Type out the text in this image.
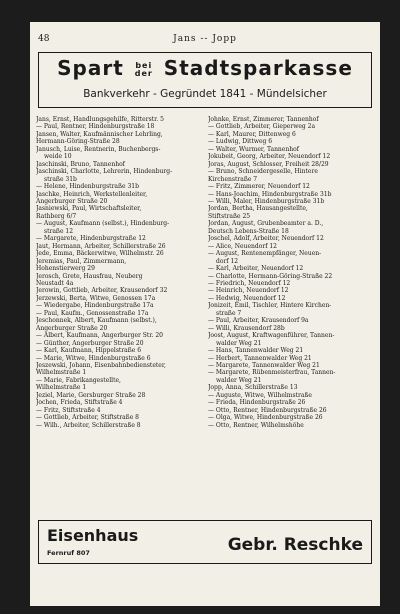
48	Jans -- Jopp
Spart bei
der Stadtsparkasse
Bankverkehr - Gegründet 1841 - Mündelsicher
Jans, Ernst, Handlungsgehilfe, Ritterstr. 5
— Paul, Rentner, Hindenburgstraße 18
Jansen, Walter, Kaufmännischer Lehrling,
Hermann-Göring-Straße 28
Janusch, Luise, Rentnerin, Buchenbergs-
weide 10
Jaschinski, Bruno, Tannenhof
Jaschinski, Charlotte, Lehrerin, Hindenburg-
straße 31b
— Helene, Hindenburgstraße 31b
Jaschke, Heinrich, Werkstellenleiter,
Angerburger Straße 20
Jasniewski, Paul, Wirtschaftsleiter,
Rathberg 6/7
— August, Kaufmann (selbst.), Hindenburg-
straße 12
— Margarete, Hindenburgstraße 12
Jaut, Hermann, Arbeiter, Schillerstraße 26
Jede, Emma, Bäckerwitwe, Wilhelmstr. 26
Jeremias, Paul, Zimmermann,
Hohenstierwerg 29
Jerosch, Grete, Hausfrau, Neuberg
Neustadt 4a
Jerowin, Gottlieb, Arbeiter, Krausendorf 32
Jerzewski, Berta, Witwe, Genossen 17a
— Wiedergabe, Hindenburgstraße 17a
— Paul, Kaufm., Genossenstraße 17a
Jeschonnek, Albert, Kaufmann (selbst.),
Angerburger Straße 20
— Albert, Kaufmann, Angerburger Str. 20
— Günther, Angerburger Straße 20
— Karl, Kaufmann, Hippelstraße 6
— Marie, Witwe, Hindenburgstraße 6
Jeszewski, Johann, Eisenbahnbediensteter,
Wilhelmstraße 1
— Marie, Fabrikangestellte,
Wilhelmstraße 1
Jeziel, Marie, Gersburger Straße 28
Jochen, Frieda, Stiftstraße 4
— Fritz, Stiftstraße 4
— Gottlieb, Arbeiter, Stiftstraße 8
— Wilh., Arbeiter, Schillerstraße 8
Johnke, Ernst, Zimmerer, Tannenhof
— Gottlieb, Arbeiter, Gieperweg 2a
— Karl, Maurer, Dittenweg 6
— Ludwig, Dittweg 6
— Walter, Wurmer, Tannenhof
Jokubeit, Georg, Arbeiter, Neuendorf 12
Joras, August, Schlosser, Freiheit 28/29
— Bruno, Schneidergeselle, Hintere
Kirchenstraße 7
— Fritz, Zimmerer, Neuendorf 12
— Hans-Joachim, Hindenburgstraße 31b
— Willi, Maler, Hindenburgstraße 31b
Jordan, Bertha, Hausangestellte,
Stiftstraße 25
Jordan, August, Grubenbeamter a. D.,
Deutsch Lebens-Straße 18
Joschel, Adolf, Arbeiter, Neuendorf 12
— Alice, Neuendorf 12
— August, Rentenempfänger, Neuen-
dorf 12
— Karl, Arbeiter, Neuendorf 12
— Charlotte, Hermann-Göring-Straße 22
— Friedrich, Neuendorf 12
— Heinrich, Neuendorf 12
— Hedwig, Neuendorf 12
Jonizeit, Emil, Tischler, Hintere Kirchen-
straße 7
— Paul, Arbeiter, Krausendorf 9a
— Willi, Krausendorf 28b
Joost, August, Kraftwagenführer, Tannen-
walder Weg 21
— Hans, Tannenwalder Weg 21
— Herbert, Tannenwalder Weg 21
— Margarete, Tannenwalder Weg 21
— Margarete, Rübenmeisterfrau, Tannen-
walder Weg 21
Jopp, Anna, Schillerstraße 13
— Auguste, Witwe, Wilhelmstraße
— Frieda, Hindenburgstraße 26
— Otto, Rentner, Hindenburgstraße 26
— Olga, Witwe, Hindenburgstraße 26
— Otto, Rentner, Wilhelmshöhe
Eisenhaus
Fernruf 807	Gebr. Reschke
